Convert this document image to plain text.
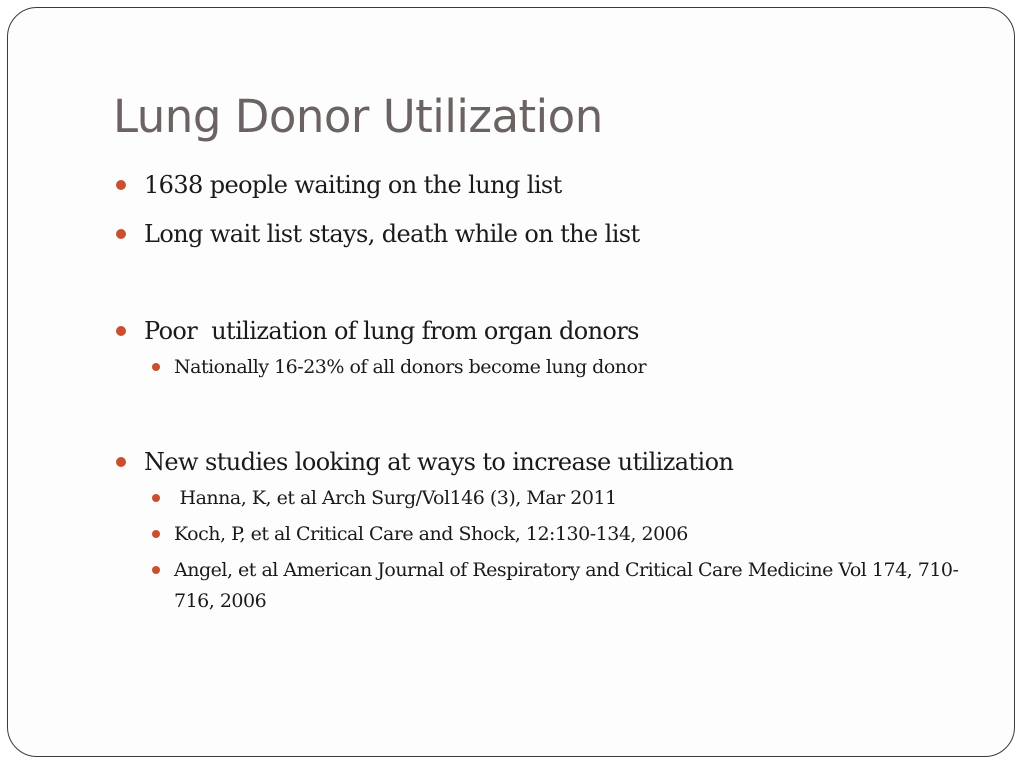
Lung Donor Utilization
1638 people waiting on the lung list
Long wait list stays, death while on the list
Poor  utilization of lung from organ donors
Nationally 16-23% of all donors become lung donor
New studies looking at ways to increase utilization
Hanna, K, et al Arch Surg/Vol146 (3), Mar 2011
Koch, P, et al Critical Care and Shock, 12:130-134, 2006
Angel, et al American Journal of Respiratory and Critical Care Medicine Vol 174, 710-716, 2006
